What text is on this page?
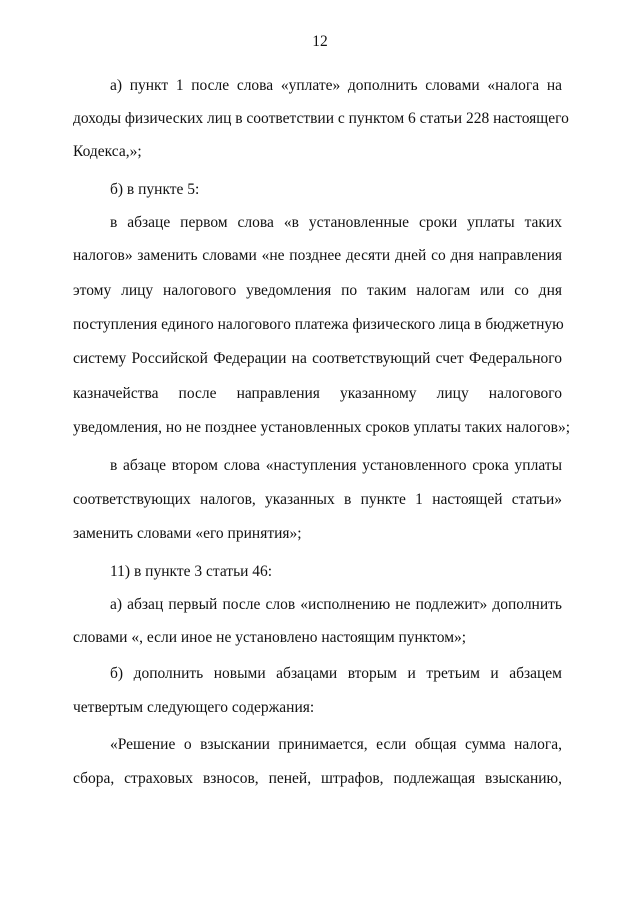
12
а) пункт 1 после слова «уплате» дополнить словами «налога на
доходы физических лиц в соответствии с пунктом 6 статьи 228 настоящего
Кодекса,»;
б) в пункте 5:
в абзаце первом слова «в установленные сроки уплаты таких
налогов» заменить словами «не позднее десяти дней со дня направления
этому лицу налогового уведомления по таким налогам или со дня
поступления единого налогового платежа физического лица в бюджетную
систему Российской Федерации на соответствующий счет Федерального
казначейства после направления указанному лицу налогового
уведомления, но не позднее установленных сроков уплаты таких налогов»;
в абзаце втором слова «наступления установленного срока уплаты
соответствующих налогов, указанных в пункте 1 настоящей статьи»
заменить словами «его принятия»;
11) в пункте 3 статьи 46:
а) абзац первый после слов «исполнению не подлежит» дополнить
словами «, если иное не установлено настоящим пунктом»;
б) дополнить новыми абзацами вторым и третьим и абзацем
четвертым следующего содержания:
«Решение о взыскании принимается, если общая сумма налога,
сбора, страховых взносов, пеней, штрафов, подлежащая взысканию,
